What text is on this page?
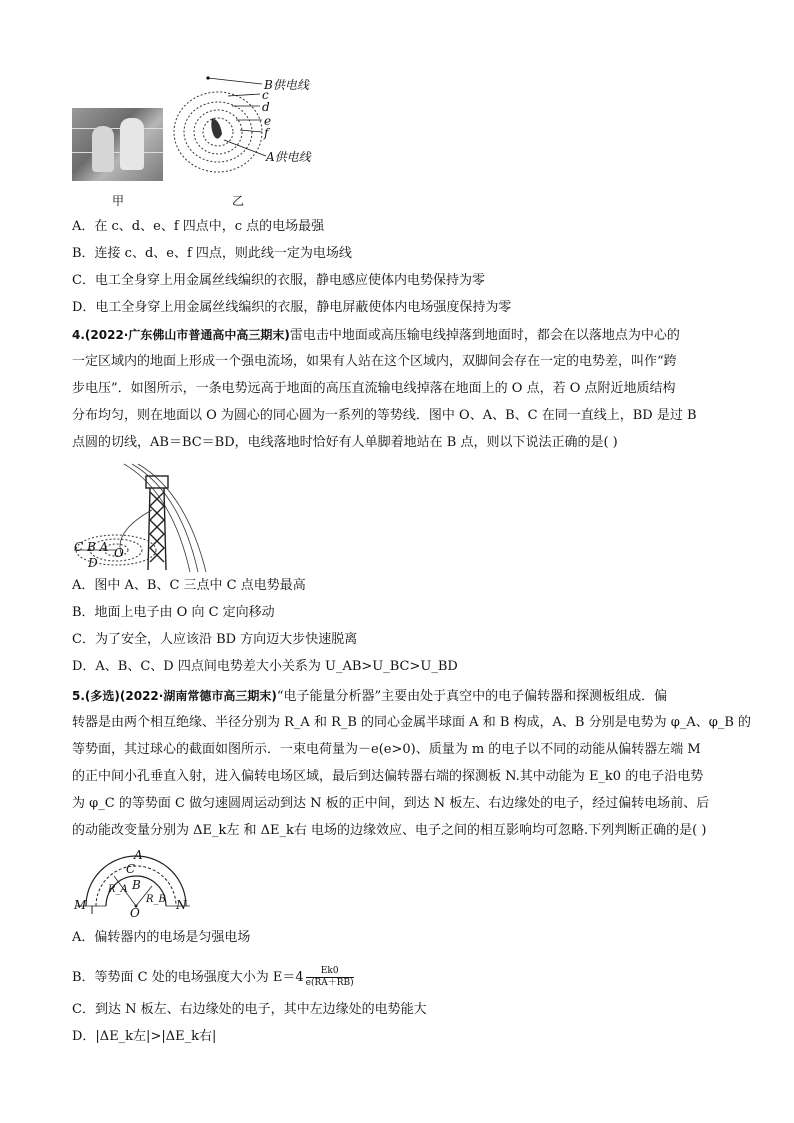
甲
B供电线
c
d
e
f
A供电线
乙
A．在 c、d、e、f 四点中，c 点的电场最强
B．连接 c、d、e、f 四点，则此线一定为电场线
C．电工全身穿上用金属丝线编织的衣服，静电感应使体内电势保持为零
D．电工全身穿上用金属丝线编织的衣服，静电屏蔽使体内电场强度保持为零
4.(2022·广东佛山市普通高中高三期末)雷电击中地面或高压输电线掉落到地面时，都会在以落地点为中心的
一定区域内的地面上形成一个强电流场，如果有人站在这个区域内，双脚间会存在一定的电势差，叫作“跨
步电压”．如图所示，一条电势远高于地面的高压直流输电线掉落在地面上的 O 点，若 O 点附近地质结构
分布均匀，则在地面以 O 为圆心的同心圆为一系列的等势线．图中 O、A、B、C 在同一直线上，BD 是过 B
点圆的切线，AB＝BC＝BD，电线落地时恰好有人单脚着地站在 B 点，则以下说法正确的是( )
C B A O
D
A．图中 A、B、C 三点中 C 点电势最高
B．地面上电子由 O 向 C 定向移动
C．为了安全，人应该沿 BD 方向迈大步快速脱离
D．A、B、C、D 四点间电势差大小关系为 U_AB>U_BC>U_BD
5.(多选)(2022·湖南常德市高三期末)“电子能量分析器”主要由处于真空中的电子偏转器和探测板组成．偏
转器是由两个相互绝缘、半径分别为 R_A 和 R_B 的同心金属半球面 A 和 B 构成，A、B 分别是电势为 φ_A、φ_B 的
等势面，其过球心的截面如图所示．一束电荷量为－e(e>0)、质量为 m 的电子以不同的动能从偏转器左端 M
的正中间小孔垂直入射，进入偏转电场区域，最后到达偏转器右端的探测板 N.其中动能为 E_k0 的电子沿电势
为 φ_C 的等势面 C 做匀速圆周运动到达 N 板的正中间，到达 N 板左、右边缘处的电子，经过偏转电场前、后
的动能改变量分别为 ΔE_k左 和 ΔE_k右 电场的边缘效应、电子之间的相互影响均可忽略.下列判断正确的是( )
A
C
B
R_A
R_B
O
M	N
A．偏转器内的电场是匀强电场
B．等势面 C 处的电场强度大小为 $E=4 \frac{Ek0}{e(RA+RB)}$
C．到达 N 板左、右边缘处的电子，其中左边缘处的电势能大
D．|ΔE_k左|>|ΔE_k右|
